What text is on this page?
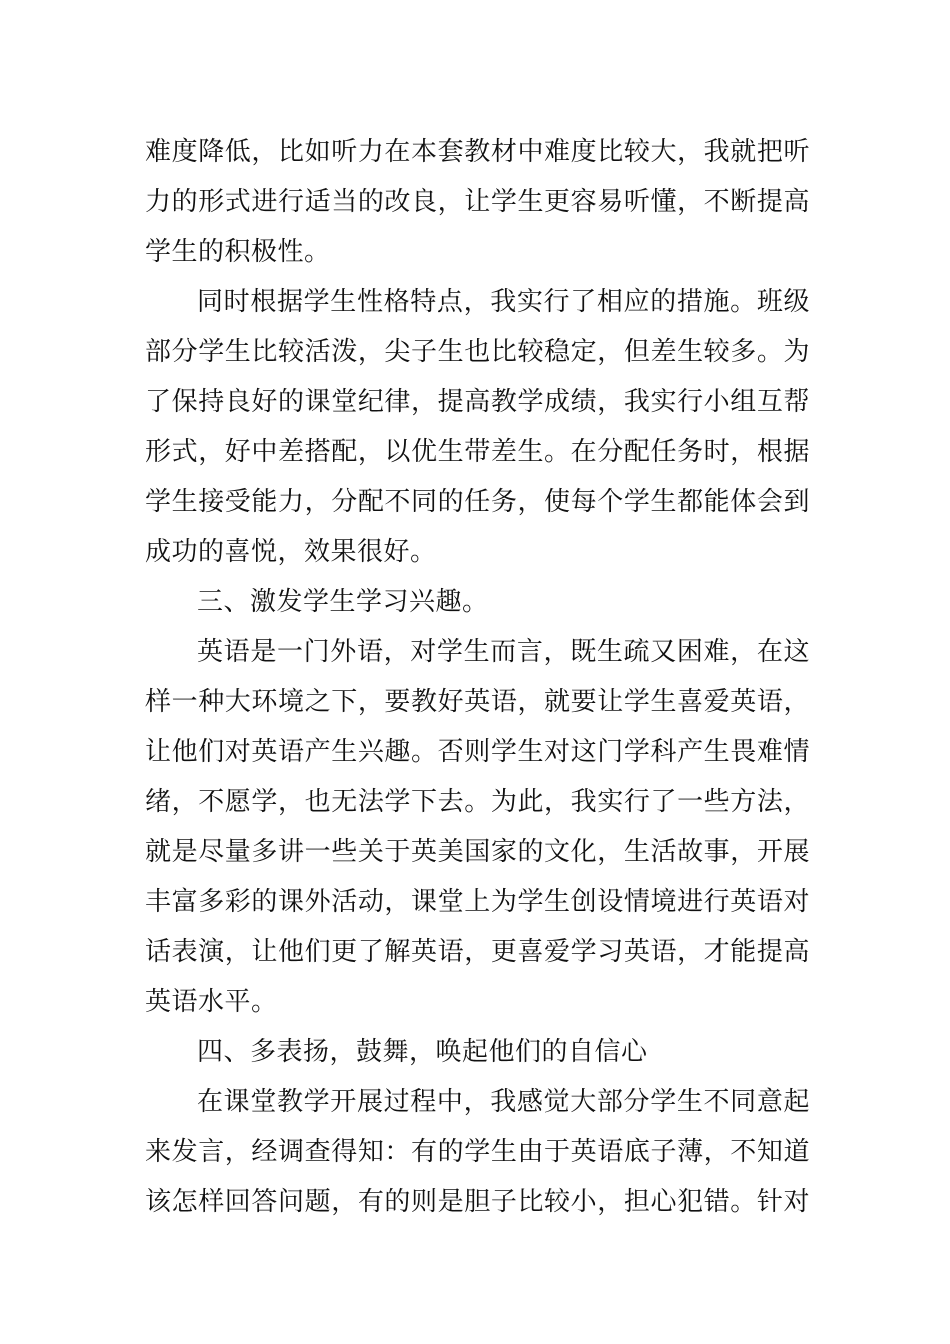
难度降低，比如听力在本套教材中难度比较大，我就把听
力的形式进行适当的改良，让学生更容易听懂，不断提高
学生的积极性。
同时根据学生性格特点，我实行了相应的措施。班级
部分学生比较活泼，尖子生也比较稳定，但差生较多。为
了保持良好的课堂纪律，提高教学成绩，我实行小组互帮
形式，好中差搭配，以优生带差生。在分配任务时，根据
学生接受能力，分配不同的任务，使每个学生都能体会到
成功的喜悦，效果很好。
三、激发学生学习兴趣。
英语是一门外语，对学生而言，既生疏又困难，在这
样一种大环境之下，要教好英语，就要让学生喜爱英语，
让他们对英语产生兴趣。否则学生对这门学科产生畏难情
绪，不愿学，也无法学下去。为此，我实行了一些方法，
就是尽量多讲一些关于英美国家的文化，生活故事，开展
丰富多彩的课外活动，课堂上为学生创设情境进行英语对
话表演，让他们更了解英语，更喜爱学习英语，才能提高
英语水平。
四、多表扬，鼓舞，唤起他们的自信心
在课堂教学开展过程中，我感觉大部分学生不同意起
来发言，经调查得知：有的学生由于英语底子薄，不知道
该怎样回答问题，有的则是胆子比较小，担心犯错。针对
